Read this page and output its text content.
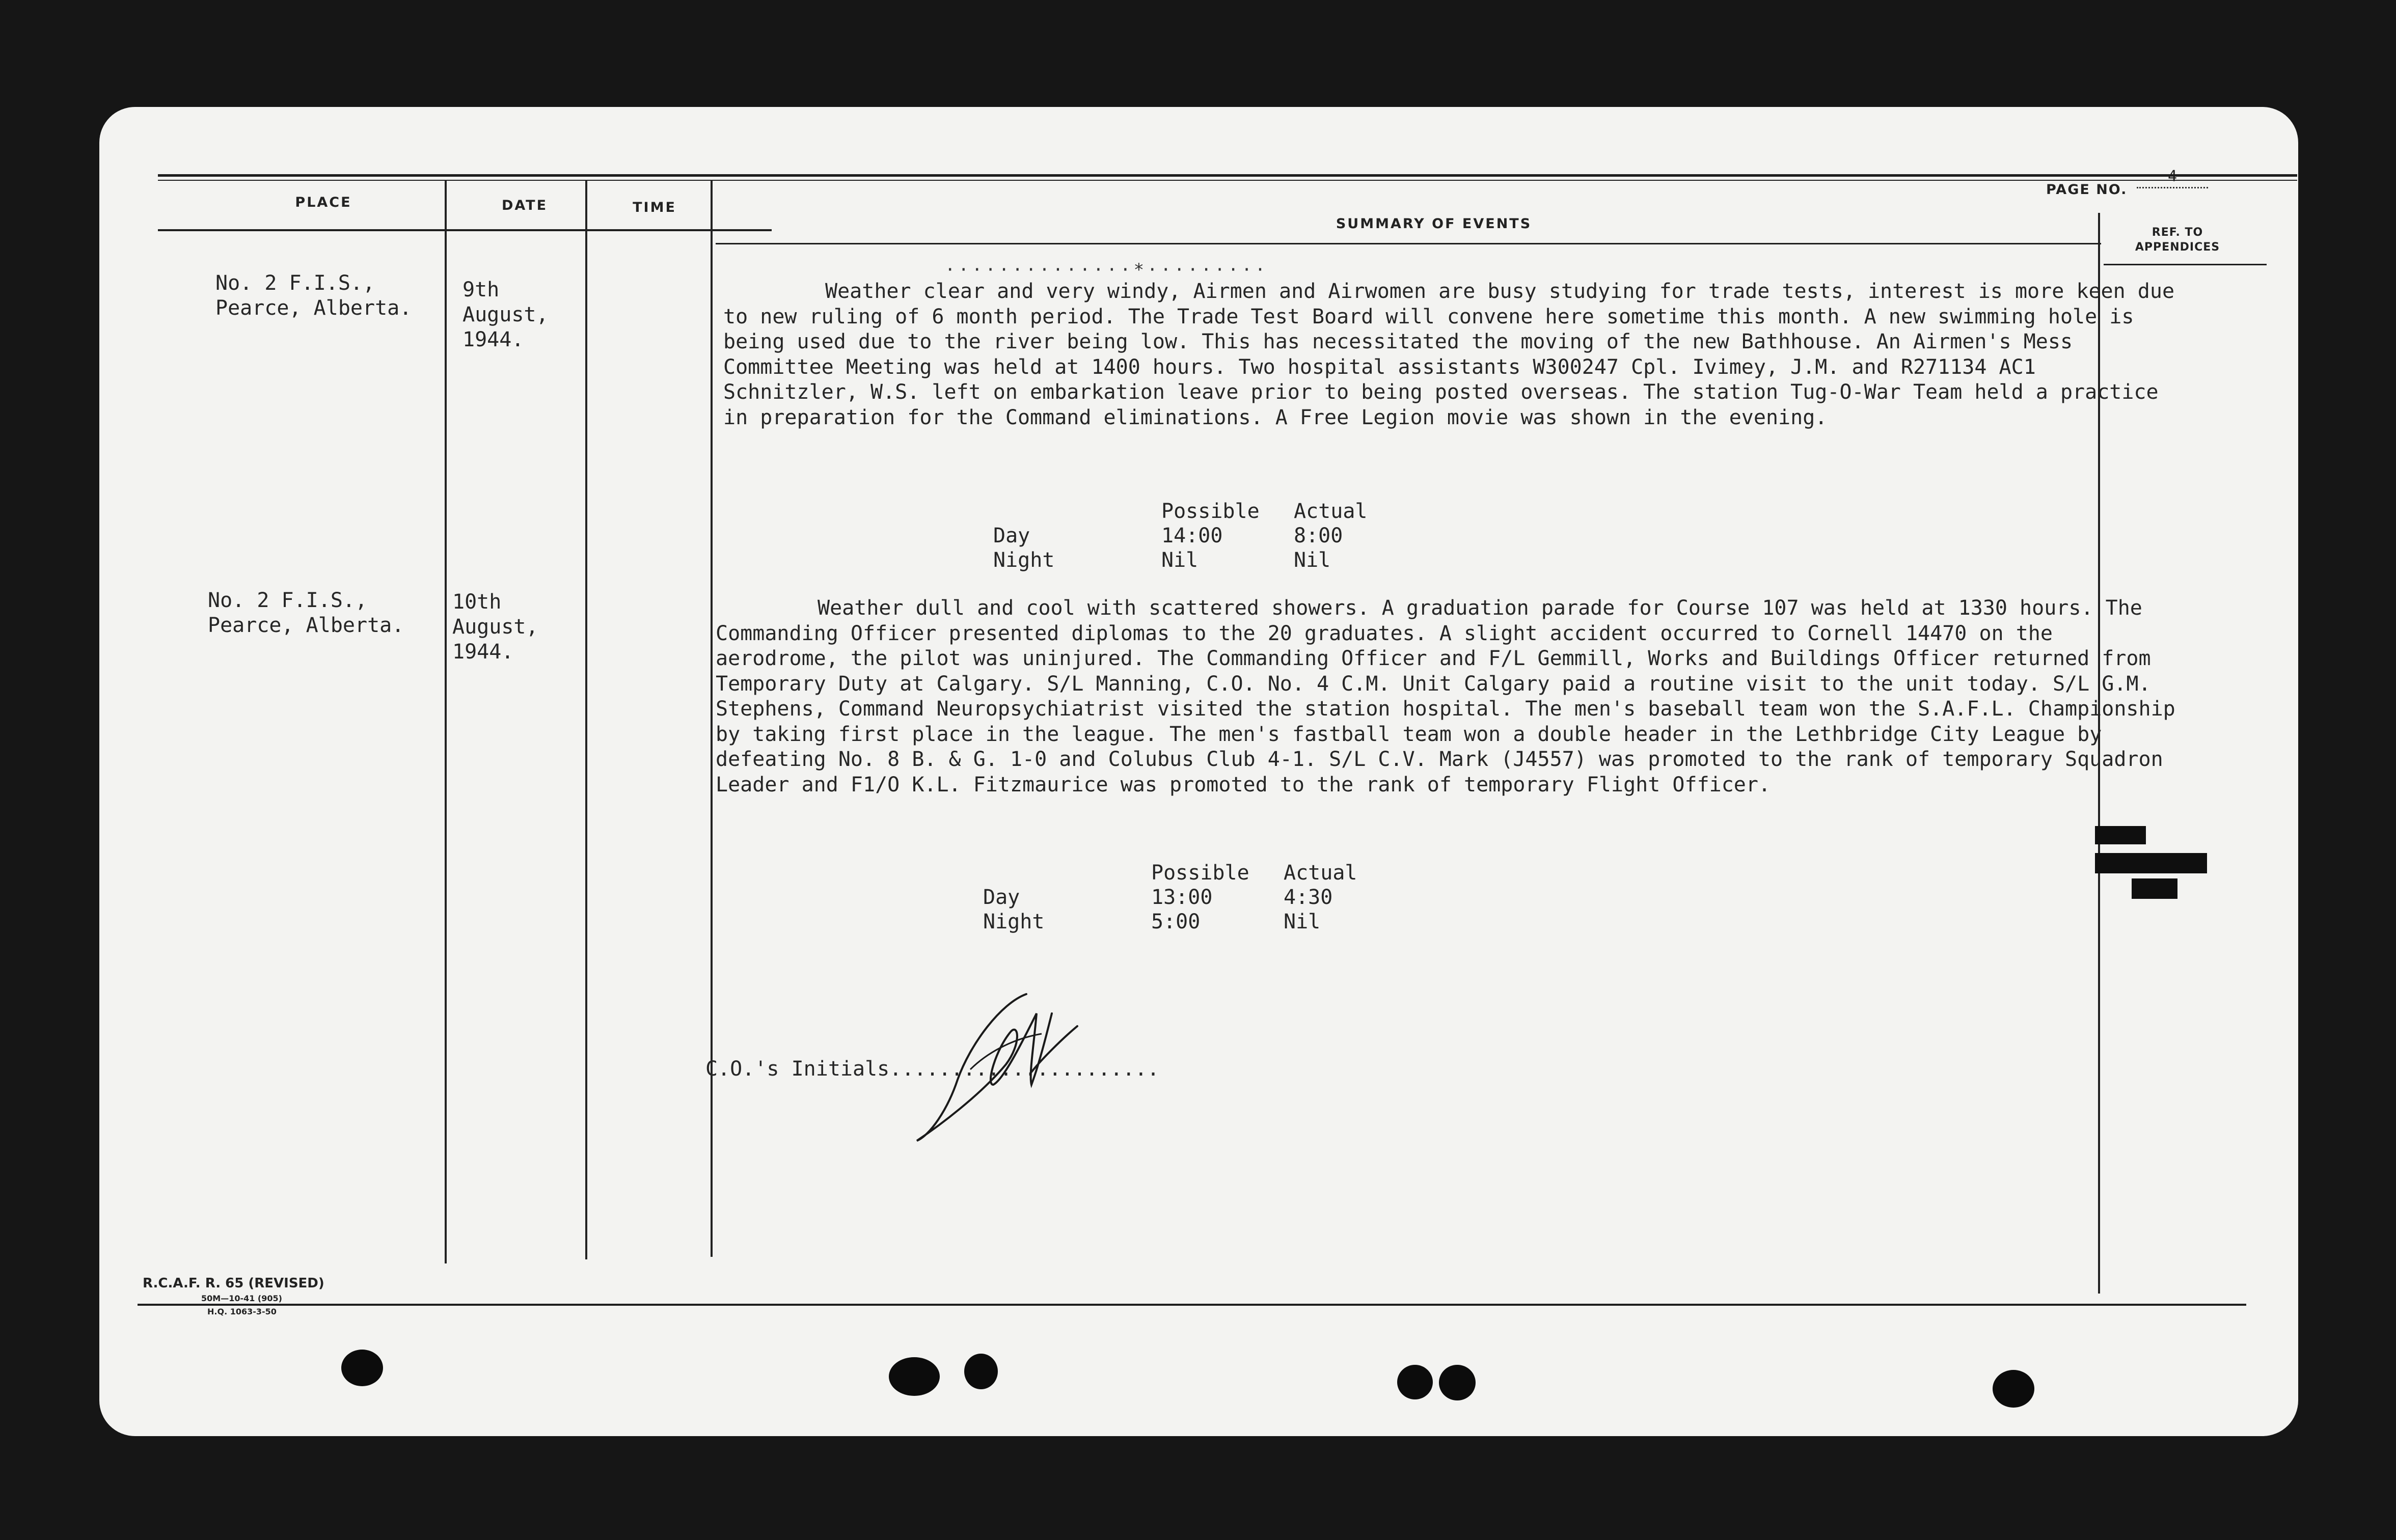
PLACE	DATE	TIME
SUMMARY OF EVENTS
REF. TO
APPENDICES
PAGE NO.
4
··············*·········
No. 2 F.I.S.,
Pearce, Alberta.
9th
August,
1944.
Weather clear and very windy, Airmen and Airwomen are busy studying for trade tests, interest is more keen due to new ruling of 6 month period. The Trade Test Board will convene here sometime this month. A new swimming hole is being used due to the river being low. This has necessitated the moving of the new Bathhouse. An Airmen's Mess Committee Meeting was held at 1400 hours. Two hospital assistants W300247 Cpl. Ivimey, J.M. and R271134 AC1 Schnitzler, W.S. left on embarkation leave prior to being posted overseas. The station Tug-O-War Team held a practice in preparation for the Command eliminations. A Free Legion movie was shown in the evening.
Possible Actual
Day	14:00	8:00
Night	Nil	Nil
No. 2 F.I.S.,
Pearce, Alberta.
10th
August,
1944.
Weather dull and cool with scattered showers. A graduation parade for Course 107 was held at 1330 hours. The Commanding Officer presented diplomas to the 20 graduates. A slight accident occurred to Cornell 14470 on the aerodrome, the pilot was uninjured. The Commanding Officer and F/L Gemmill, Works and Buildings Officer returned from Temporary Duty at Calgary. S/L Manning, C.O. No. 4 C.M. Unit Calgary paid a routine visit to the unit today. S/L G.M. Stephens, Command Neuropsychiatrist visited the station hospital. The men's baseball team won the S.A.F.L. Championship by taking first place in the league. The men's fastball team won a double header in the Lethbridge City League by defeating No. 8 B. & G. 1-0 and Colubus Club 4-1. S/L C.V. Mark (J4557) was promoted to the rank of temporary Squadron Leader and F1/O K.L. Fitzmaurice was promoted to the rank of temporary Flight Officer.
Possible Actual
Day	13:00	4:30
Night	5:00	Nil
C.O.'s Initials......................
R.C.A.F. R. 65 (REVISED)
50M—10-41 (905)
H.Q. 1063-3-50
